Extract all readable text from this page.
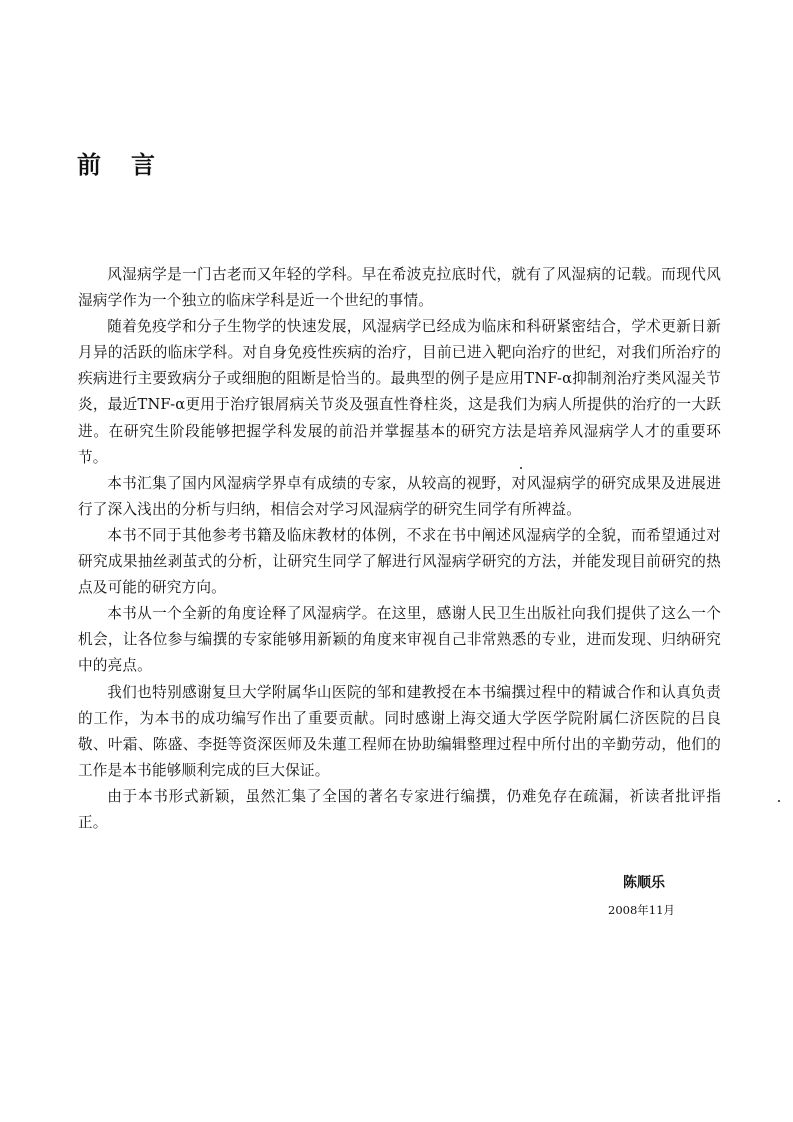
前言

风湿病学是一门古老而又年轻的学科。早在希波克拉底时代，就有了风湿病的记载。而现代风湿病学作为一个独立的临床学科是近一个世纪的事情。

随着免疫学和分子生物学的快速发展，风湿病学已经成为临床和科研紧密结合，学术更新日新月异的活跃的临床学科。对自身免疫性疾病的治疗，目前已进入靶向治疗的世纪，对我们所治疗的疾病进行主要致病分子或细胞的阻断是恰当的。最典型的例子是应用TNF-α抑制剂治疗类风湿关节炎，最近TNF-α更用于治疗银屑病关节炎及强直性脊柱炎，这是我们为病人所提供的治疗的一大跃进。在研究生阶段能够把握学科发展的前沿并掌握基本的研究方法是培养风湿病学人才的重要环节。

本书汇集了国内风湿病学界卓有成绩的专家，从较高的视野，对风湿病学的研究成果及进展进行了深入浅出的分析与归纳，相信会对学习风湿病学的研究生同学有所裨益。

本书不同于其他参考书籍及临床教材的体例，不求在书中阐述风湿病学的全貌，而希望通过对研究成果抽丝剥茧式的分析，让研究生同学了解进行风湿病学研究的方法，并能发现目前研究的热点及可能的研究方向。

本书从一个全新的角度诠释了风湿病学。在这里，感谢人民卫生出版社向我们提供了这么一个机会，让各位参与编撰的专家能够用新颖的角度来审视自己非常熟悉的专业，进而发现、归纳研究中的亮点。

我们也特别感谢复旦大学附属华山医院的邹和建教授在本书编撰过程中的精诚合作和认真负责的工作，为本书的成功编写作出了重要贡献。同时感谢上海交通大学医学院附属仁济医院的吕良敬、叶霜、陈盛、李挺等资深医师及朱蓮工程师在协助编辑整理过程中所付出的辛勤劳动，他们的工作是本书能够顺利完成的巨大保证。

由于本书形式新颖，虽然汇集了全国的著名专家进行编撰，仍难免存在疏漏，祈读者批评指正。

陈顺乐
2008年11月
